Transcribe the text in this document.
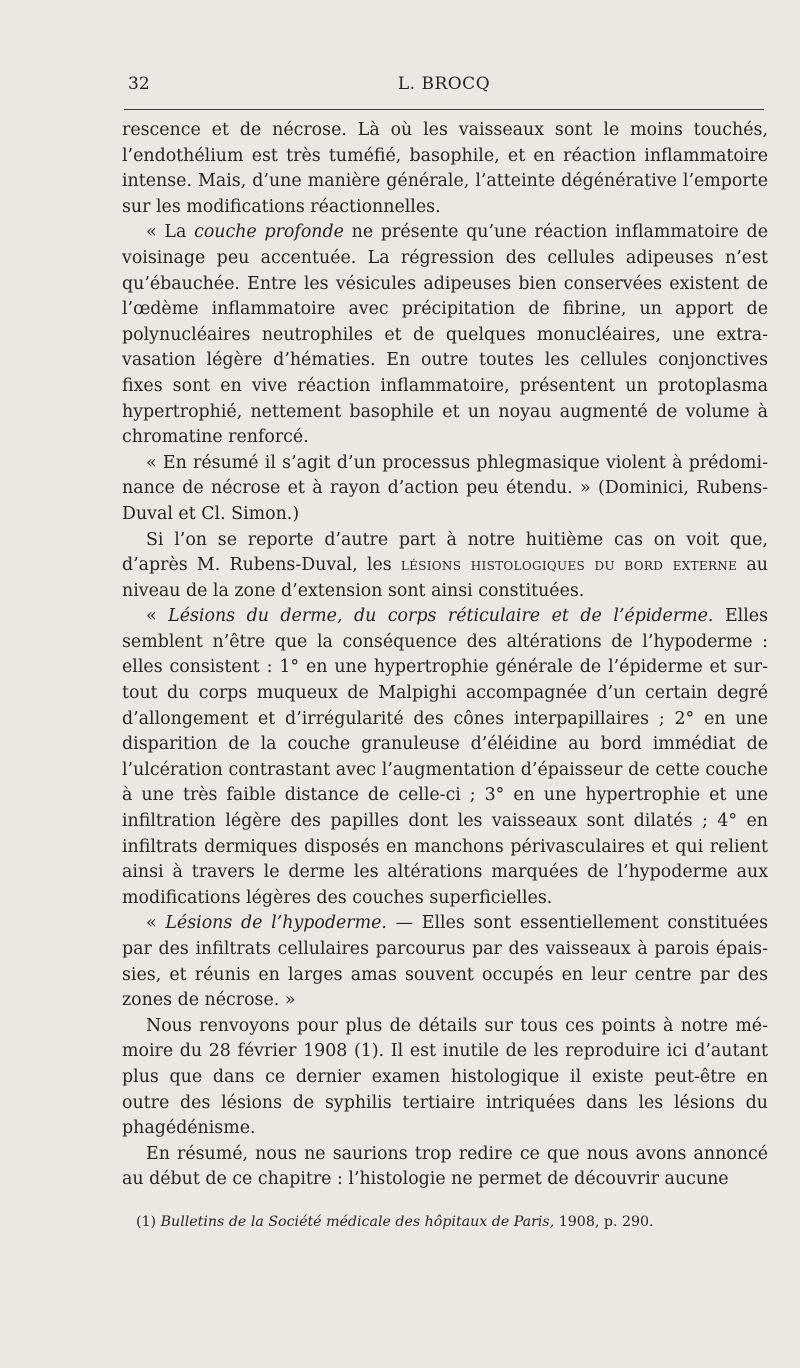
32	L. BROCQ

rescence et de nécrose. Là où les vaisseaux sont le moins touchés, l’endothélium est très tuméfié, basophile, et en réaction inflammatoire intense. Mais, d’une manière générale, l’atteinte dégénérative l’emporte sur les modifications réactionnelles.

« La couche profonde ne présente qu’une réaction inflammatoire de voisinage peu accentuée. La régression des cellules adipeuses n’est qu’ébauchée. Entre les vésicules adipeuses bien conservées existent de l’œdème inflammatoire avec précipitation de fibrine, un apport de polynucléaires neutrophiles et de quelques monucléaires, une extravasation légère d’hématies. En outre toutes les cellules conjonctives fixes sont en vive réaction inflammatoire, présentent un protoplasma hypertrophié, nettement basophile et un noyau augmenté de volume à chromatine renforcé.

« En résumé il s’agit d’un processus phlegmasique violent à prédominance de nécrose et à rayon d’action peu étendu. » (Dominici, Rubens-Duval et Cl. Simon.)

Si l’on se reporte d’autre part à notre huitième cas on voit que, d’après M. Rubens-Duval, les lésions histologiques du bord externe au niveau de la zone d’extension sont ainsi constituées.

« Lésions du derme, du corps réticulaire et de l’épiderme. Elles semblent n’être que la conséquence des altérations de l’hypoderme : elles consistent : 1° en une hypertrophie générale de l’épiderme et surtout du corps muqueux de Malpighi accompagnée d’un certain degré d’allongement et d’irrégularité des cônes interpapillaires ; 2° en une disparition de la couche granuleuse d’éléidine au bord immédiat de l’ulcération contrastant avec l’augmentation d’épaisseur de cette couche à une très faible distance de celle-ci ; 3° en une hypertrophie et une infiltration légère des papilles dont les vaisseaux sont dilatés ; 4° en infiltrats dermiques disposés en manchons périvasculaires et qui relient ainsi à travers le derme les altérations marquées de l’hypoderme aux modifications légères des couches superficielles.

« Lésions de l’hypoderme. — Elles sont essentiellement constituées par des infiltrats cellulaires parcourus par des vaisseaux à parois épaissies, et réunis en larges amas souvent occupés en leur centre par des zones de nécrose. »

Nous renvoyons pour plus de détails sur tous ces points à notre mémoire du 28 février 1908 (1). Il est inutile de les reproduire ici d’autant plus que dans ce dernier examen histologique il existe peut-être en outre des lésions de syphilis tertiaire intriquées dans les lésions du phagédénisme.

En résumé, nous ne saurions trop redire ce que nous avons annoncé au début de ce chapitre : l’histologie ne permet de découvrir aucune

(1) Bulletins de la Société médicale des hôpitaux de Paris, 1908, p. 290.
